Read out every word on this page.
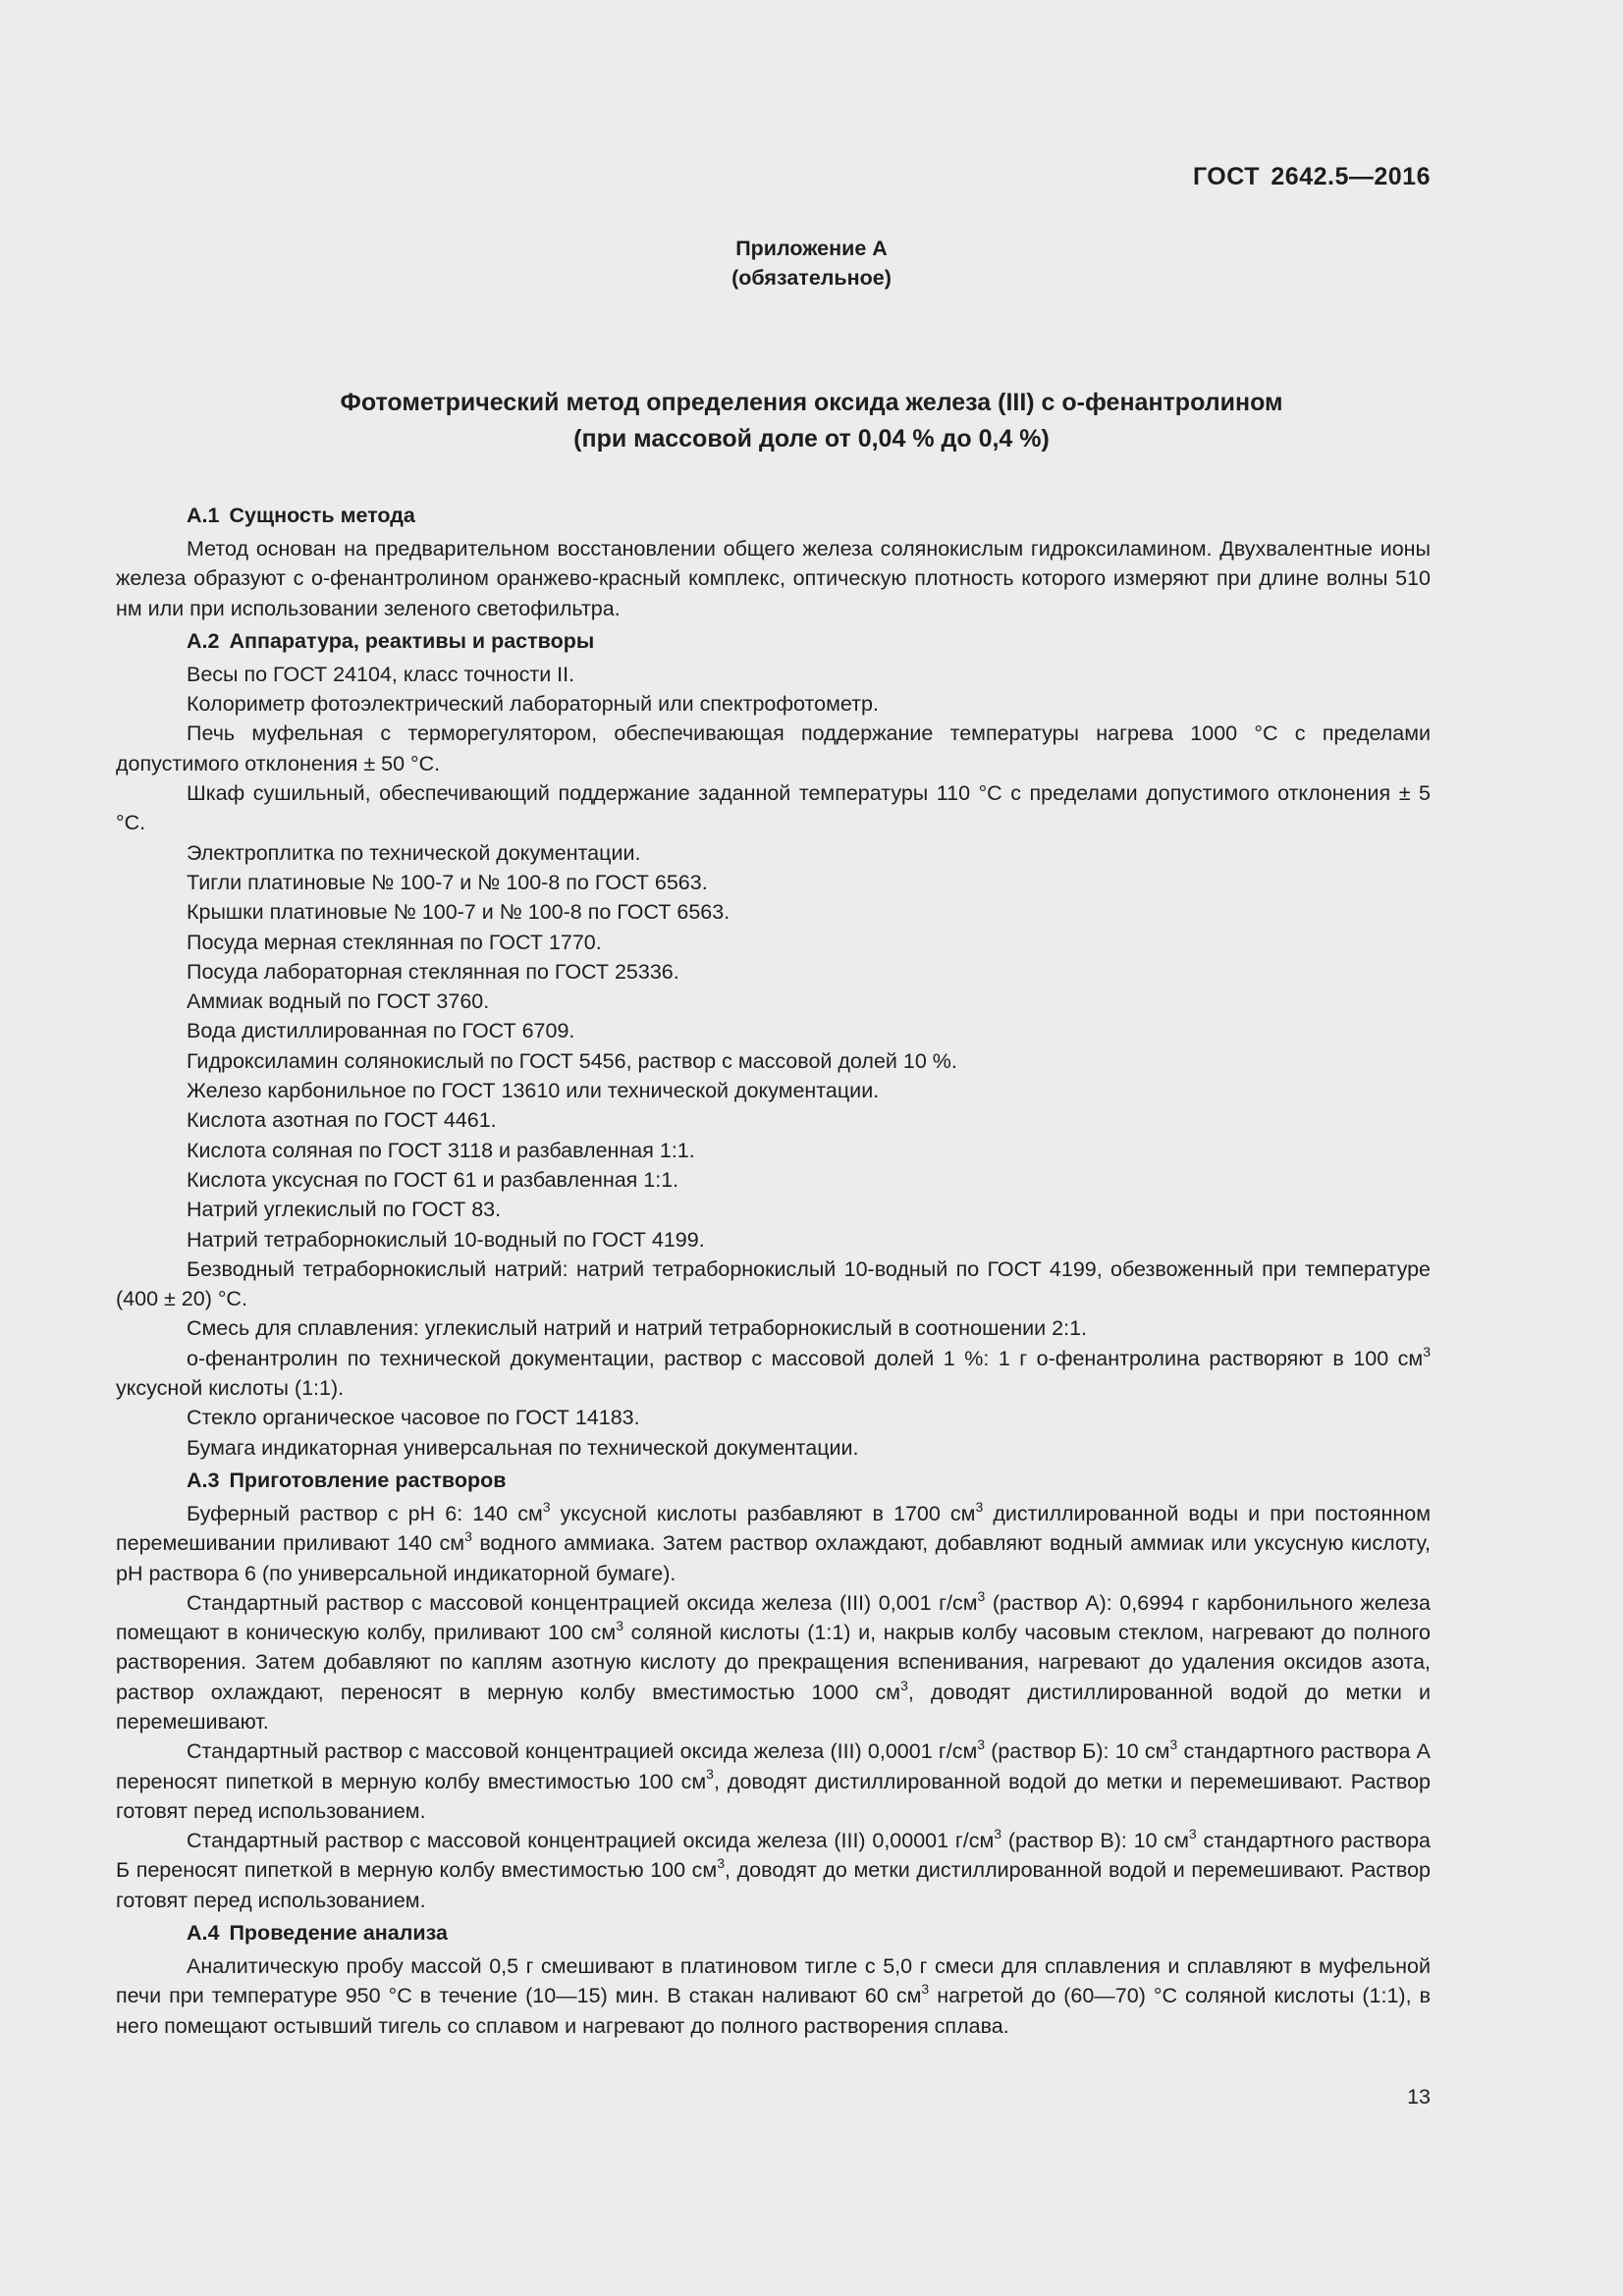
ГОСТ 2642.5—2016
Приложение А
(обязательное)
Фотометрический метод определения оксида железа (III) с о-фенантролином
(при массовой доле от 0,04 % до 0,4 %)
А.1 Сущность метода

Метод основан на предварительном восстановлении общего железа солянокислым гидроксиламином. Двухвалентные ионы железа образуют с о-фенантролином оранжево-красный комплекс, оптическую плотность которого измеряют при длине волны 510 нм или при использовании зеленого светофильтра.

А.2 Аппаратура, реактивы и растворы

Весы по ГОСТ 24104, класс точности II.

Колориметр фотоэлектрический лабораторный или спектрофотометр.

Печь муфельная с терморегулятором, обеспечивающая поддержание температуры нагрева 1000 °С с пределами допустимого отклонения ± 50 °С.

Шкаф сушильный, обеспечивающий поддержание заданной температуры 110 °С с пределами допустимого отклонения ± 5 °С.

Электроплитка по технической документации.

Тигли платиновые № 100-7 и № 100-8 по ГОСТ 6563.

Крышки платиновые № 100-7 и № 100-8 по ГОСТ 6563.

Посуда мерная стеклянная по ГОСТ 1770.

Посуда лабораторная стеклянная по ГОСТ 25336.

Аммиак водный по ГОСТ 3760.

Вода дистиллированная по ГОСТ 6709.

Гидроксиламин солянокислый по ГОСТ 5456, раствор с массовой долей 10 %.

Железо карбонильное по ГОСТ 13610 или технической документации.

Кислота азотная по ГОСТ 4461.

Кислота соляная по ГОСТ 3118 и разбавленная 1:1.

Кислота уксусная по ГОСТ 61 и разбавленная 1:1.

Натрий углекислый по ГОСТ 83.

Натрий тетраборнокислый 10-водный по ГОСТ 4199.

Безводный тетраборнокислый натрий: натрий тетраборнокислый 10-водный по ГОСТ 4199, обезвоженный при температуре (400 ± 20) °С.

Смесь для сплавления: углекислый натрий и натрий тетраборнокислый в соотношении 2:1.

о-фенантролин по технической документации, раствор с массовой долей 1 %: 1 г о-фенантролина растворяют в 100 $см^3$ уксусной кислоты (1:1).

Стекло органическое часовое по ГОСТ 14183.

Бумага индикаторная универсальная по технической документации.

А.3 Приготовление растворов

Буферный раствор с рН 6: 140 $см^3$ уксусной кислоты разбавляют в 1700 $см^3$ дистиллированной воды и при постоянном перемешивании приливают 140 $см^3$ водного аммиака. Затем раствор охлаждают, добавляют водный аммиак или уксусную кислоту, рН раствора 6 (по универсальной индикаторной бумаге).

Стандартный раствор с массовой концентрацией оксида железа (III) 0,001 $г/см^3$ (раствор А): 0,6994 г карбонильного железа помещают в коническую колбу, приливают 100 $см^3$ соляной кислоты (1:1) и, накрыв колбу часовым стеклом, нагревают до полного растворения. Затем добавляют по каплям азотную кислоту до прекращения вспенивания, нагревают до удаления оксидов азота, раствор охлаждают, переносят в мерную колбу вместимостью 1000 $см^3$, доводят дистиллированной водой до метки и перемешивают.

Стандартный раствор с массовой концентрацией оксида железа (III) 0,0001 $г/см^3$ (раствор Б): 10 $см^3$ стандартного раствора А переносят пипеткой в мерную колбу вместимостью 100 $см^3$, доводят дистиллированной водой до метки и перемешивают. Раствор готовят перед использованием.

Стандартный раствор с массовой концентрацией оксида железа (III) 0,00001 $г/см^3$ (раствор В): 10 $см^3$ стандартного раствора Б переносят пипеткой в мерную колбу вместимостью 100 $см^3$, доводят до метки дистиллированной водой и перемешивают. Раствор готовят перед использованием.

А.4 Проведение анализа

Аналитическую пробу массой 0,5 г смешивают в платиновом тигле с 5,0 г смеси для сплавления и сплавляют в муфельной печи при температуре 950 °С в течение (10—15) мин. В стакан наливают 60 $см^3$ нагретой до (60—70) °С соляной кислоты (1:1), в него помещают остывший тигель со сплавом и нагревают до полного растворения сплава.

13
